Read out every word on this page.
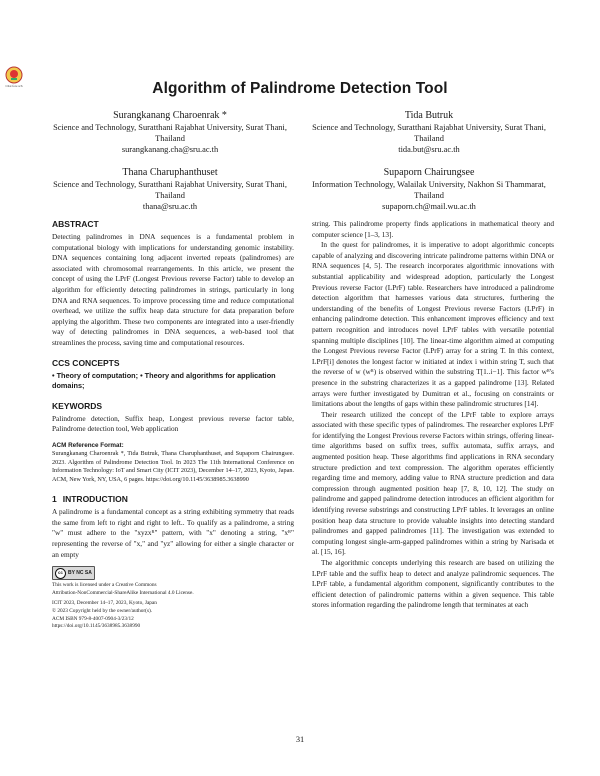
Chat fore sch	Algorithm of Palindrome Detection Tool
Surangkanang Charoenrak *
Science and Technology, Suratthani Rajabhat University, Surat Thani, Thailand
surangkanang.cha@sru.ac.th
Tida Butruk
Science and Technology, Suratthani Rajabhat University, Surat Thani, Thailand
tida.but@sru.ac.th
Thana Charuphanthuset
Science and Technology, Suratthani Rajabhat University, Surat Thani, Thailand
thana@sru.ac.th
Supaporn Chairungsee
Information Technology, Walailak University, Nakhon Si Thammarat, Thailand
supaporn.ch@mail.wu.ac.th
ABSTRACT

Detecting palindromes in DNA sequences is a fundamental problem in computational biology with implications for understanding genomic instability. DNA sequences containing long adjacent inverted repeats (palindromes) are associated with chromosomal rearrangements. In this article, we present the concept of using the LPrF (Longest Previous reverse Factor) table to develop an algorithm for efficiently detecting palindromes in strings, particularly in long DNA and RNA sequences. To improve processing time and reduce computational overhead, we utilize the suffix heap data structure for data preparation before applying the algorithm. These two components are integrated into a user-friendly way of detecting palindromes in DNA sequences, a web-based tool that streamlines the process, saving time and computational resources.

CCS CONCEPTS

• Theory of computation; • Theory and algorithms for application domains;

KEYWORDS

Palindrome detection, Suffix heap, Longest previous reverse factor table, Palindrome detection tool, Web application

ACM Reference Format:

Surangkanang Charoenrak *, Tida Butruk, Thana Charuphanthuset, and Supaporn Chairungsee. 2023. Algorithm of Palindrome Detection Tool. In 2023 The 11th International Conference on Information Technology: IoT and Smart City (ICIT 2023), December 14–17, 2023, Kyoto, Japan. ACM, New York, NY, USA, 6 pages. https://doi.org/10.1145/3638985.3638990

1 INTRODUCTION

A palindrome is a fundamental concept as a string exhibiting symmetry that reads the same from left to right and right to left.. To qualify as a palindrome, a string "w" must adhere to the "xyzxᴿ" pattern, with "x" denoting a string, "xᴿ" representing the reverse of "x," and "yz" allowing for either a single character or an empty

cc	BY NC SA

This work is licensed under a Creative Commons

Attribution-NonCommercial-ShareAlike International 4.0 License.

ICIT 2023, December 14–17, 2023, Kyoto, Japan

© 2023 Copyright held by the owner/author(s).

ACM ISBN 979-8-4007-0904-3/23/12

https://doi.org/10.1145/3638985.3638990

string. This palindrome property finds applications in mathematical theory and computer science [1–3, 13].

In the quest for palindromes, it is imperative to adopt algorithmic concepts capable of analyzing and discovering intricate palindrome patterns within DNA or RNA sequences [4, 5]. The research incorporates algorithmic innovations with substantial applicability and widespread adoption, particularly the Longest Previous reverse Factor (LPrF) table. Researchers have introduced a palindrome detection algorithm that harnesses various data structures, furthering the understanding of the benefits of Longest Previous reverse Factors (LPrF) in enhancing palindrome detection. This enhancement improves efficiency and text pattern recognition and introduces novel LPrF tables with versatile potential spanning multiple disciplines [10]. The linear-time algorithm aimed at computing the Longest Previous reverse Factor (LPrF) array for a string T. In this context, LPrF[i] denotes the longest factor w initiated at index i within string T, such that the reverse of w (wᴿ) is observed within the substring T[1..i−1]. This factor wᴿ's presence in the substring characterizes it as a gapped palindrome [13]. Related arrays were further investigated by Dumitran et al., focusing on constraints or limitations about the lengths of gaps within these palindromic structures [14].

Their research utilized the concept of the LPrF table to explore arrays associated with these specific types of palindromes. The researcher explores LPrF for identifying the Longest Previous reverse Factors within strings, offering linear-time algorithms based on suffix trees, suffix automata, suffix arrays, and augmented position heap. These algorithms find applications in RNA secondary structure prediction and text compression. The algorithm operates efficiently regarding time and memory, adding value to RNA structure prediction and data compression through augmented position heap [7, 8, 10, 12]. The study on palindrome and gapped palindrome detection introduces an efficient algorithm for identifying reverse substrings and constructing LPrF tables. It leverages an online position heap data structure to provide valuable insights into detecting standard palindromes and gapped palindromes [11]. The investigation was extended to computing longest single-arm-gapped palindromes within a string by Narisada et al. [15, 16].

The algorithmic concepts underlying this research are based on utilizing the LPrF table and the suffix heap to detect and analyze palindromic sequences. The LPrF table, a fundamental algorithm component, significantly contributes to the efficient detection of palindromic patterns within a given sequence. This table stores information regarding the palindrome length that terminates at each

31
